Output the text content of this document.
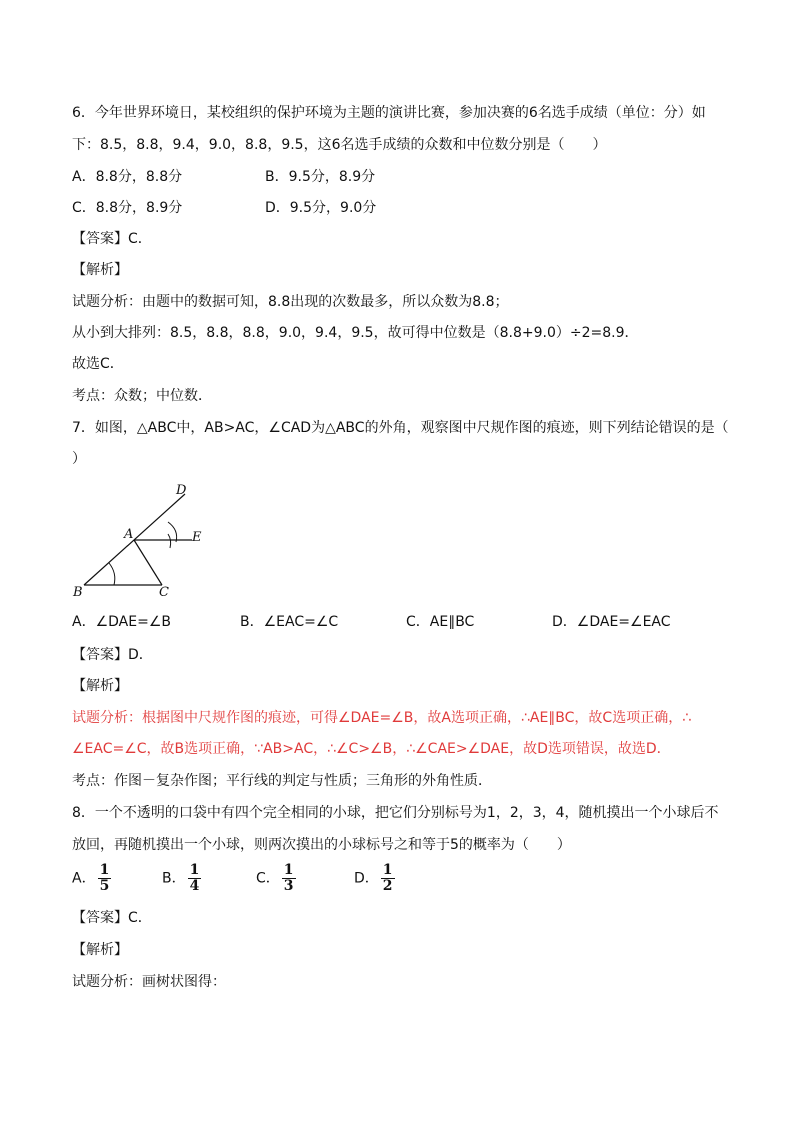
6．今年世界环境日，某校组织的保护环境为主题的演讲比赛，参加决赛的6名选手成绩（单位：分）如
下：8.5，8.8，9.4，9.0，8.8，9.5，这6名选手成绩的众数和中位数分别是（　　）
A．8.8分，8.8分	B．9.5分，8.9分
C．8.8分，8.9分	D．9.5分，9.0分
【答案】C．
【解析】
试题分析：由题中的数据可知，8.8出现的次数最多，所以众数为8.8；
从小到大排列：8.5，8.8，8.8，9.0，9.4，9.5，故可得中位数是（8.8+9.0）÷2=8.9．
故选C．
考点：众数；中位数．
7．如图，△ABC中，AB>AC，∠CAD为△ABC的外角，观察图中尺规作图的痕迹，则下列结论错误的是（
）
D
A	E
B	C
A．∠DAE=∠B	B．∠EAC=∠C	C．AE∥BC	D．∠DAE=∠EAC
【答案】D．
【解析】
试题分析：根据图中尺规作图的痕迹，可得∠DAE=∠B，故A选项正确，∴AE∥BC，故C选项正确，∴
∠EAC=∠C，故B选项正确，∵AB>AC，∴∠C>∠B，∴∠CAE>∠DAE，故D选项错误，故选D．
考点：作图－复杂作图；平行线的判定与性质；三角形的外角性质．
8．一个不透明的口袋中有四个完全相同的小球，把它们分别标号为1，2，3，4，随机摸出一个小球后不
放回，再随机摸出一个小球，则两次摸出的小球标号之和等于5的概率为（　　）
A． $\frac{1}{5}$	B． $\frac{1}{4}$	C． $\frac{1}{3}$	D． $\frac{1}{2}$
【答案】C．
【解析】
试题分析：画树状图得：
